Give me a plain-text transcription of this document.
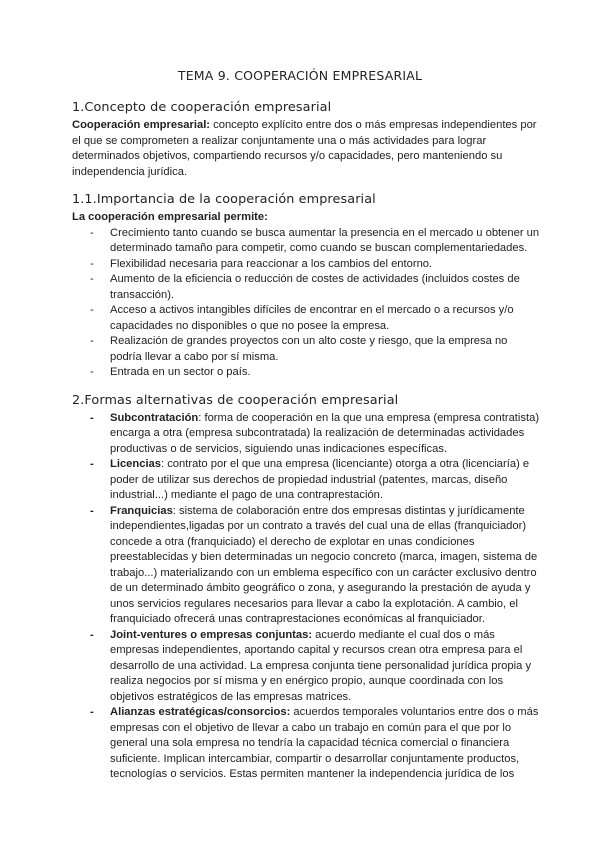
TEMA 9. COOPERACIÓN EMPRESARIAL
1.Concepto de cooperación empresarial

Cooperación empresarial: concepto explícito entre dos o más empresas independientes por el que se comprometen a realizar conjuntamente una o más actividades para lograr determinados objetivos, compartiendo recursos y/o capacidades, pero manteniendo su independencia jurídica.

1.1.Importancia de la cooperación empresarial

La cooperación empresarial permite:

- Crecimiento tanto cuando se busca aumentar la presencia en el mercado u obtener un determinado tamaño para competir, como cuando se buscan complementariedades.
- Flexibilidad necesaria para reaccionar a los cambios del entorno.
- Aumento de la eficiencia o reducción de costes de actividades (incluidos costes de transacción).
- Acceso a activos intangibles difíciles de encontrar en el mercado o a recursos y/o capacidades no disponibles o que no posee la empresa.
- Realización de grandes proyectos con un alto coste y riesgo, que la empresa no podría llevar a cabo por sí misma.
- Entrada en un sector o país.
2.Formas alternativas de cooperación empresarial
- Subcontratación: forma de cooperación en la que una empresa (empresa contratista) encarga a otra (empresa subcontratada) la realización de determinadas actividades productivas o de servicios, siguiendo unas indicaciones específicas.
- Licencias: contrato por el que una empresa (licenciante) otorga a otra (licenciaría) e poder de utilizar sus derechos de propiedad industrial (patentes, marcas, diseño industrial...) mediante el pago de una contraprestación.
- Franquicias: sistema de colaboración entre dos empresas distintas y jurídicamente independientes,ligadas por un contrato a través del cual una de ellas (franquiciador) concede a otra (franquiciado) el derecho de explotar en unas condiciones preestablecidas y bien determinadas un negocio concreto (marca, imagen, sistema de trabajo...) materializando con un emblema específico con un carácter exclusivo dentro de un determinado ámbito geográfico o zona, y asegurando la prestación de ayuda y unos servicios regulares necesarios para llevar a cabo la explotación. A cambio, el franquiciado ofrecerá unas contraprestaciones económicas al franquiciador.
- Joint-ventures o empresas conjuntas: acuerdo mediante el cual dos o más empresas independientes, aportando capital y recursos crean otra empresa para el desarrollo de una actividad. La empresa conjunta tiene personalidad jurídica propia y realiza negocios por sí misma y en enérgico propio, aunque coordinada con los objetivos estratégicos de las empresas matrices.
- Alianzas estratégicas/consorcios: acuerdos temporales voluntarios entre dos o más empresas con el objetivo de llevar a cabo un trabajo en común para el que por lo general una sola empresa no tendría la capacidad técnica comercial o financiera suficiente. Implican intercambiar, compartir o desarrollar conjuntamente productos, tecnologías o servicios. Estas permiten mantener la independencia jurídica de los
